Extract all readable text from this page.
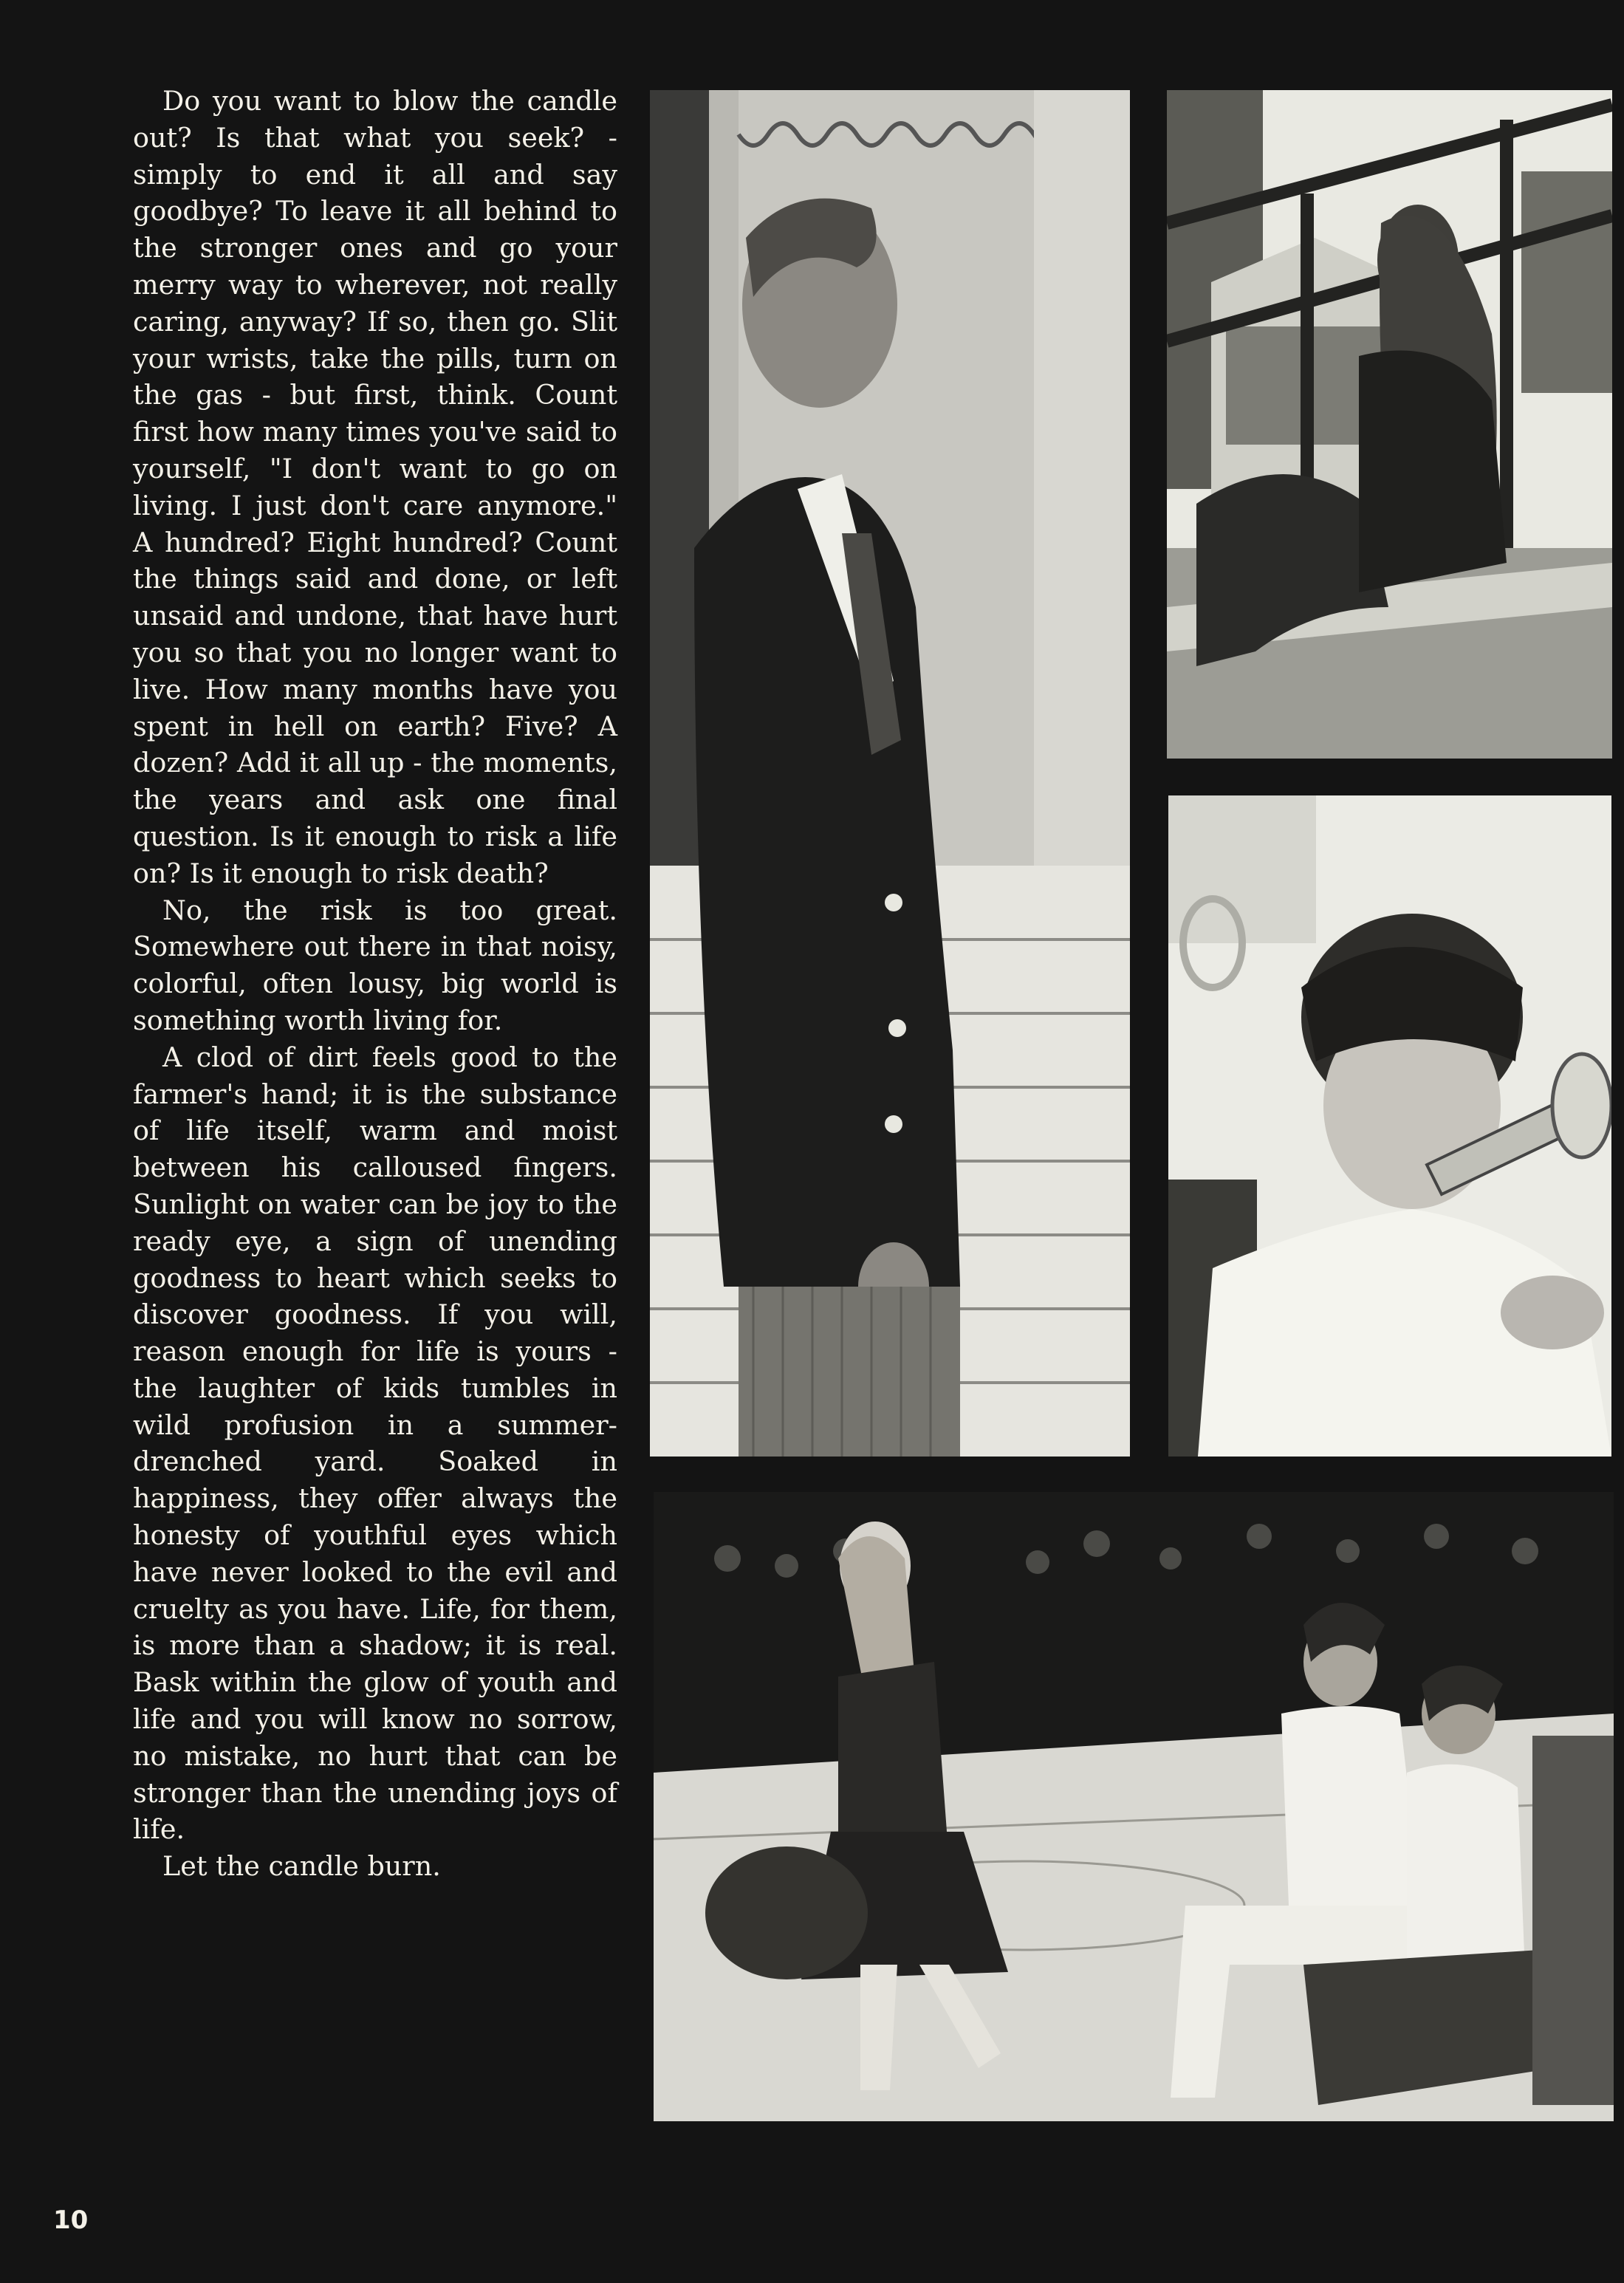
Do you want to blow the candle out? Is that what you seek? - simply to end it all and say goodbye? To leave it all behind to the stronger ones and go your merry way to wherever, not really caring, anyway? If so, then go. Slit your wrists, take the pills, turn on the gas - but first, think. Count first how many times you've said to yourself, "I don't want to go on living. I just don't care anymore." A hundred? Eight hundred? Count the things said and done, or left unsaid and undone, that have hurt you so that you no longer want to live. How many months have you spent in hell on earth? Five? A dozen? Add it all up - the moments, the years and ask one final question. Is it enough to risk a life on? Is it enough to risk death?

No, the risk is too great. Somewhere out there in that noisy, colorful, often lousy, big world is something worth living for.

A clod of dirt feels good to the farmer's hand; it is the substance of life itself, warm and moist between his calloused fingers. Sunlight on water can be joy to the ready eye, a sign of unending goodness to heart which seeks to discover goodness. If you will, reason enough for life is yours - the laughter of kids tumbles in wild profusion in a summer-drenched yard. Soaked in happiness, they offer always the honesty of youthful eyes which have never looked to the evil and cruelty as you have. Life, for them, is more than a shadow; it is real. Bask within the glow of youth and life and you will know no sorrow, no mistake, no hurt that can be stronger than the unending joys of life.

Let the candle burn.

10
